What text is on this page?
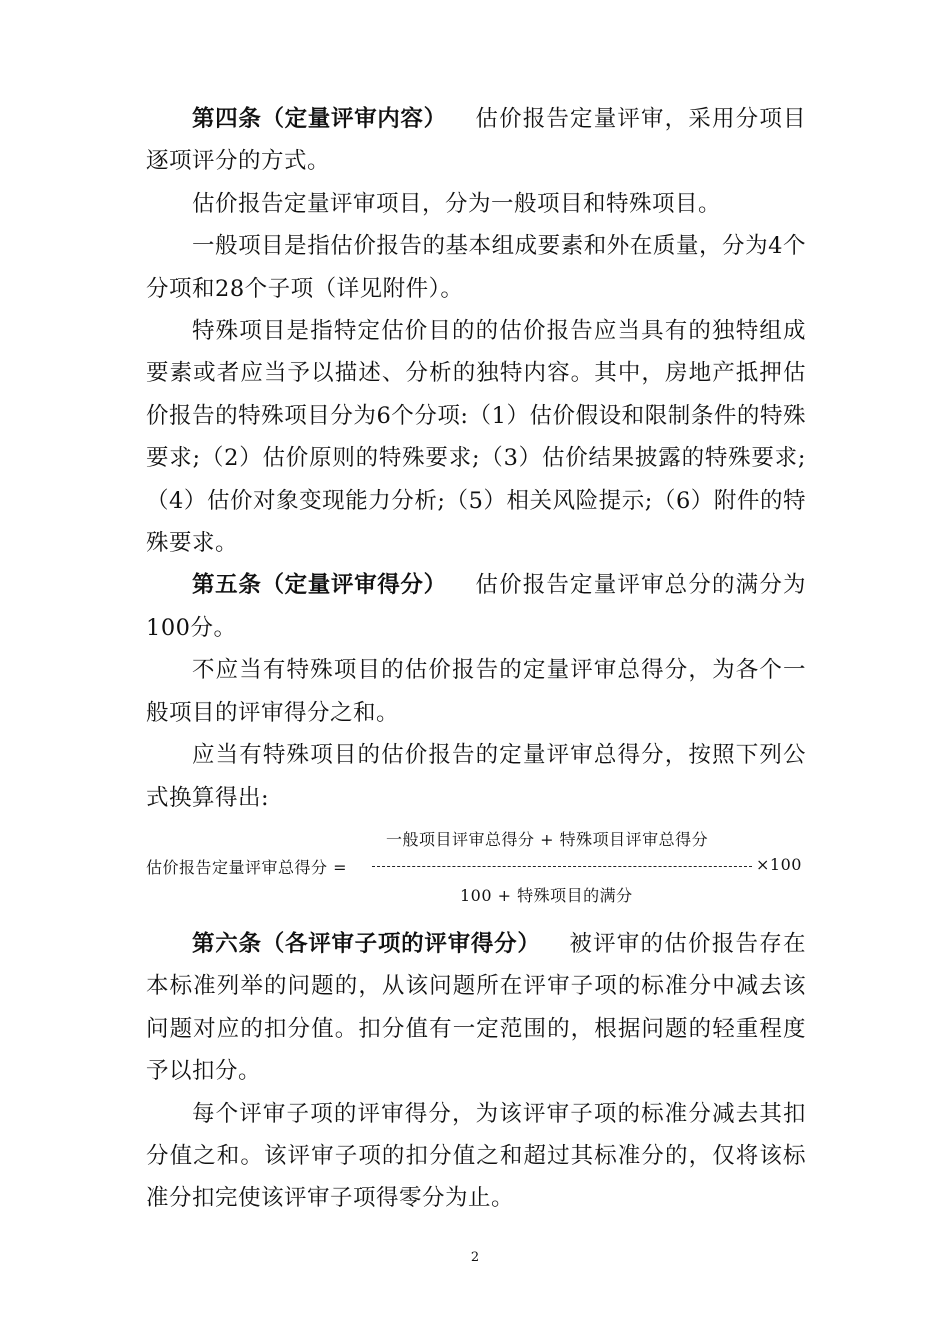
第四条（定量评审内容） 估价报告定量评审，采用分项目逐项评分的方式。

估价报告定量评审项目，分为一般项目和特殊项目。

一般项目是指估价报告的基本组成要素和外在质量，分为4个分项和28个子项（详见附件）。

特殊项目是指特定估价目的的估价报告应当具有的独特组成要素或者应当予以描述、分析的独特内容。其中，房地产抵押估价报告的特殊项目分为6个分项:（1）估价假设和限制条件的特殊要求;（2）估价原则的特殊要求;（3）估价结果披露的特殊要求;（4）估价对象变现能力分析;（5）相关风险提示;（6）附件的特殊要求。

第五条（定量评审得分） 估价报告定量评审总分的满分为100分。

不应当有特殊项目的估价报告的定量评审总得分，为各个一般项目的评审得分之和。

应当有特殊项目的估价报告的定量评审总得分，按照下列公式换算得出:

一般项目评审总得分 + 特殊项目评审总得分
估价报告定量评审总得分 =	×100
100 + 特殊项目的满分

第六条（各评审子项的评审得分） 被评审的估价报告存在本标准列举的问题的，从该问题所在评审子项的标准分中减去该问题对应的扣分值。扣分值有一定范围的，根据问题的轻重程度予以扣分。

每个评审子项的评审得分，为该评审子项的标准分减去其扣分值之和。该评审子项的扣分值之和超过其标准分的，仅将该标准分扣完使该评审子项得零分为止。

2
